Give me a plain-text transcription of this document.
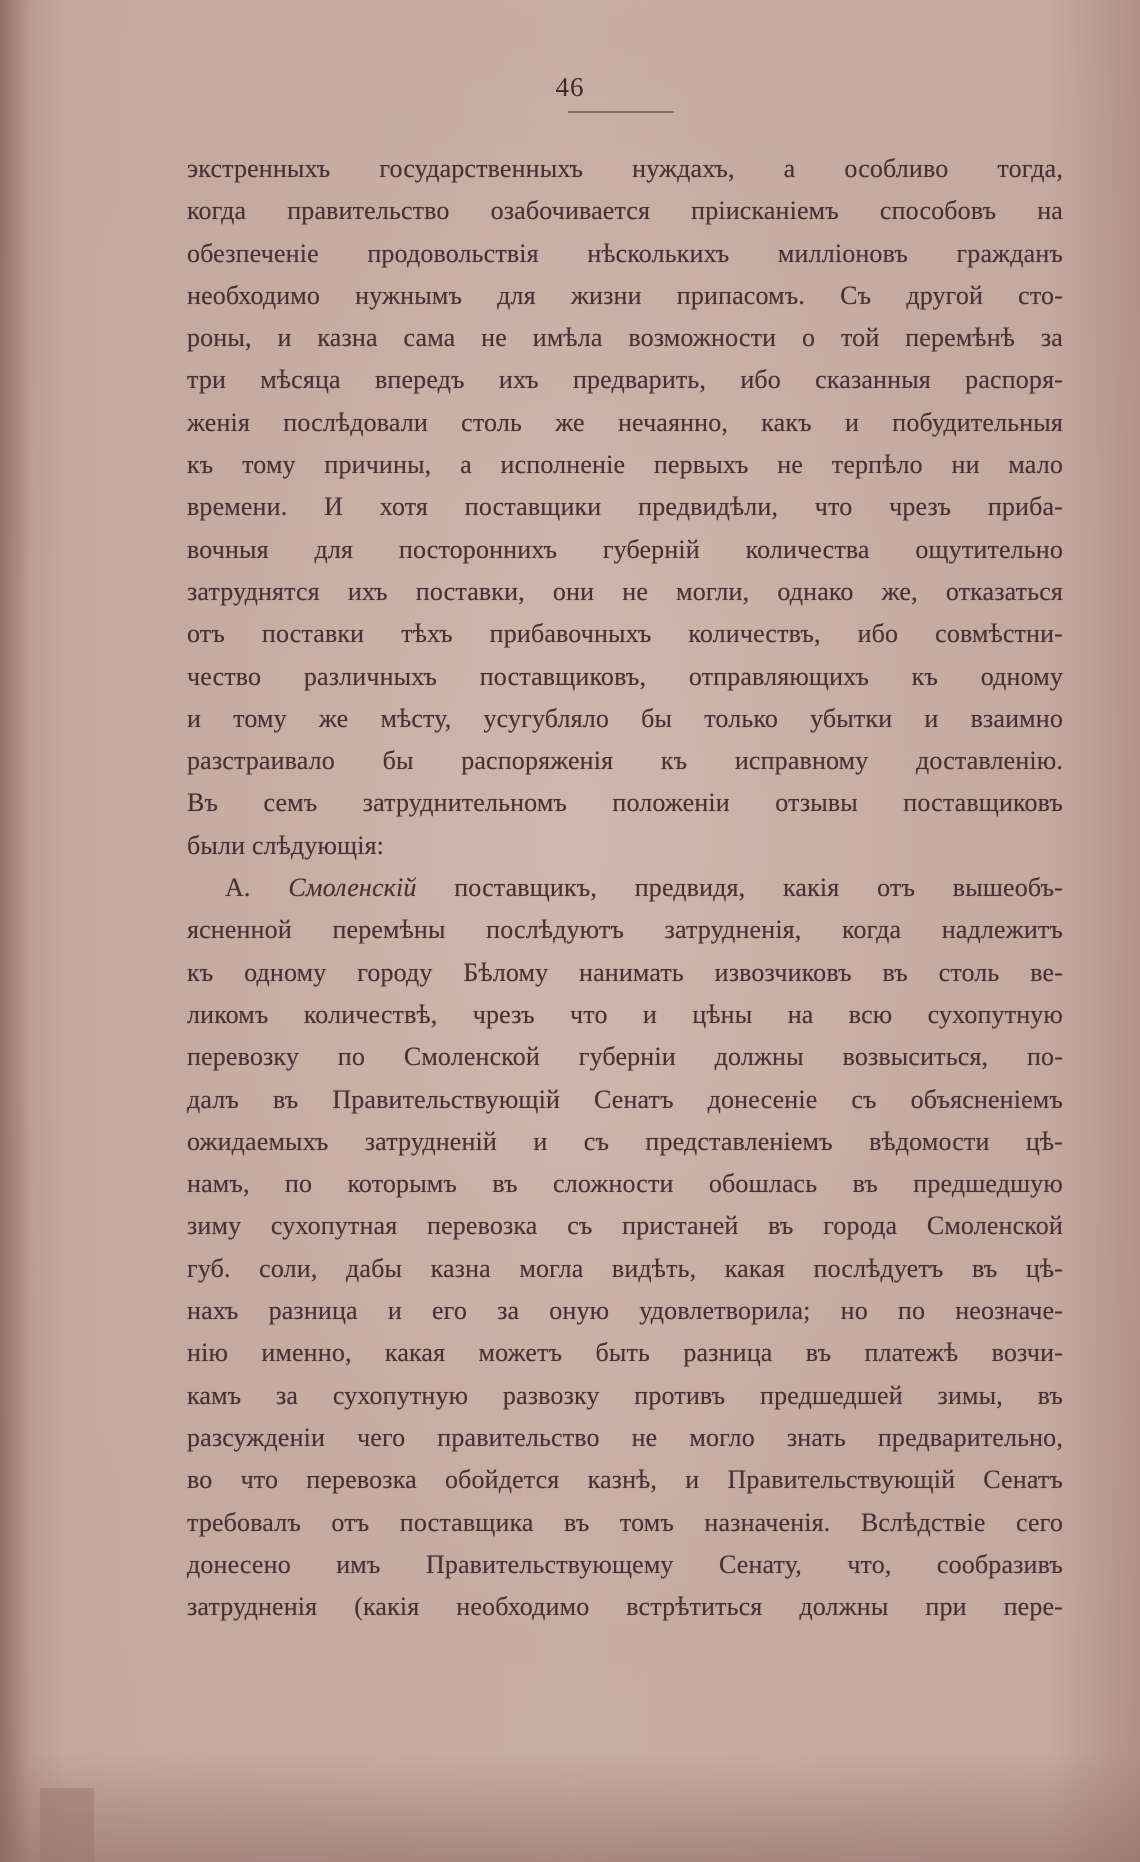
46
экстренныхъ государственныхъ нуждахъ, а особливо тогда,
когда правительство озабочивается прiисканiемъ способовъ на
обезпеченiе продовольствiя нѣсколькихъ миллiоновъ гражданъ
необходимо нужнымъ для жизни припасомъ. Съ другой сто-
роны, и казна сама не имѣла возможности о той перемѣнѣ за
три мѣсяца впередъ ихъ предварить, ибо сказанныя распоря-
женiя послѣдовали столь же нечаянно, какъ и побудительныя
къ тому причины, а исполненiе первыхъ не терпѣло ни мало
времени. И хотя поставщики предвидѣли, что чрезъ приба-
вочныя для постороннихъ губернiй количества ощутительно
затруднятся ихъ поставки, они не могли, однако же, отказаться
отъ поставки тѣхъ прибавочныхъ количествъ, ибо совмѣстни-
чество различныхъ поставщиковъ, отправляющихъ къ одному
и тому же мѣсту, усугубляло бы только убытки и взаимно
разстраивало бы распоряженiя къ исправному доставленiю.
Въ семъ затруднительномъ положенiи отзывы поставщиковъ
были слѣдующiя:
А. Смоленскiй поставщикъ, предвидя, какiя отъ вышеобъ-
ясненной перемѣны послѣдуютъ затрудненiя, когда надлежитъ
къ одному городу Бѣлому нанимать извозчиковъ въ столь ве-
ликомъ количествѣ, чрезъ что и цѣны на всю сухопутную
перевозку по Смоленской губернiи должны возвыситься, по-
далъ въ Правительствующiй Сенатъ донесенiе съ объясненiемъ
ожидаемыхъ затрудненiй и съ представленiемъ вѣдомости цѣ-
намъ, по которымъ въ сложности обошлась въ предшедшую
зиму сухопутная перевозка съ пристаней въ города Смоленской
губ. соли, дабы казна могла видѣть, какая послѣдуетъ въ цѣ-
нахъ разница и его за оную удовлетворила; но по неозначе-
нiю именно, какая можетъ быть разница въ платежѣ возчи-
камъ за сухопутную развозку противъ предшедшей зимы, въ
разсужденiи чего правительство не могло знать предварительно,
во что перевозка обойдется казнѣ, и Правительствующiй Сенатъ
требовалъ отъ поставщика въ томъ назначенiя. Вслѣдствiе сего
донесено имъ Правительствующему Сенату, что, сообразивъ
затрудненiя (какiя необходимо встрѣтиться должны при пере-
